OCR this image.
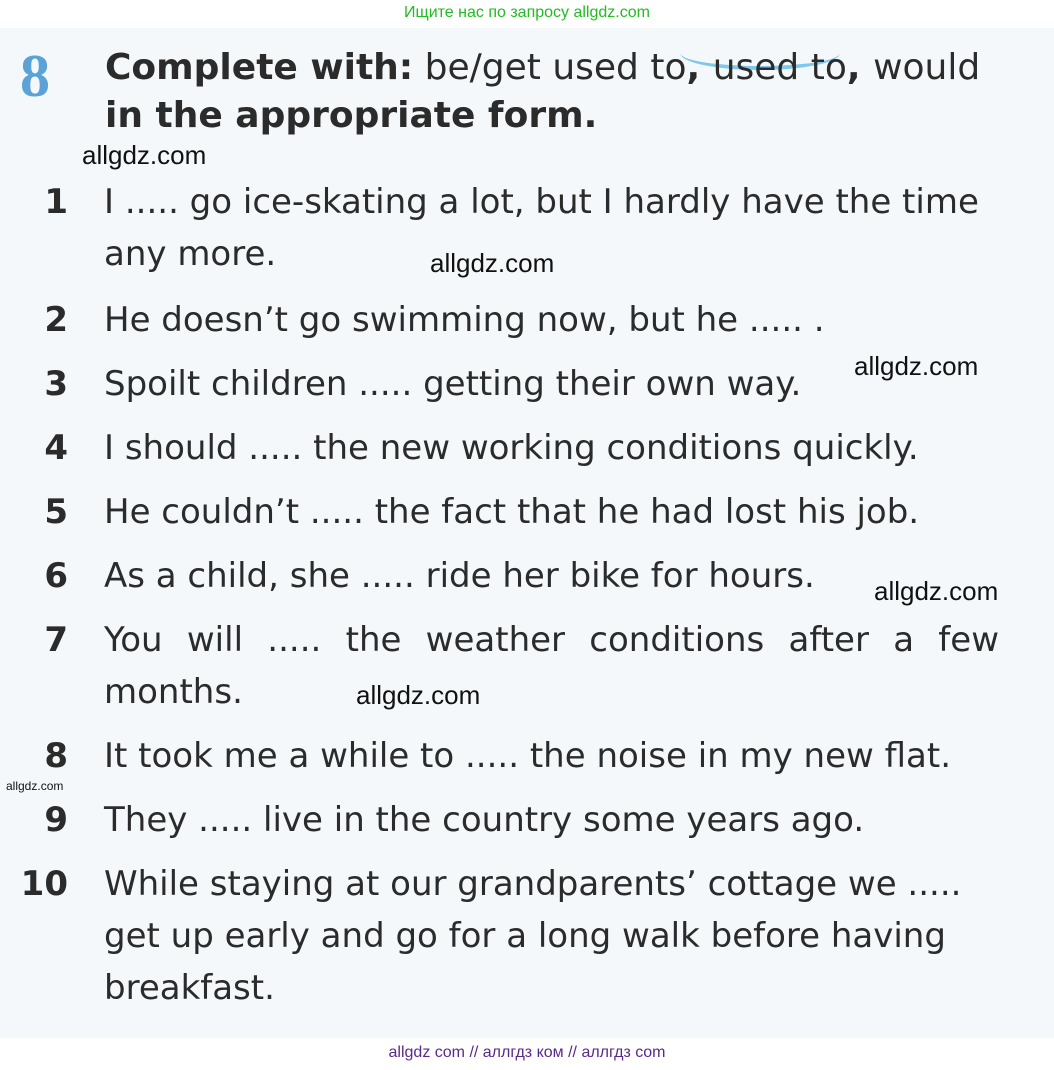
Ищите нас по запросу allgdz.com
8 Complete with: be/get used to, used to, would
in the appropriate form.
1 I ..... go ice-skating a lot, but I hardly have the time any more.
2 He doesn’t go swimming now, but he ..... .
3 Spoilt children ..... getting their own way.
4 I should ..... the new working conditions quickly.
5 He couldn’t ..... the fact that he had lost his job.
6 As a child, she ..... ride her bike for hours.
7 You will ..... the weather conditions after a few months.
8 It took me a while to ..... the noise in my new flat.
9 They ..... live in the country some years ago.
10 While staying at our grandparents’ cottage we ..... get up early and go for a long walk before having breakfast.
allgdz.com
allgdz.com
allgdz.com
allgdz.com
allgdz.com
allgdz.com
allgdz com // аллгдз ком // аллгдз com
